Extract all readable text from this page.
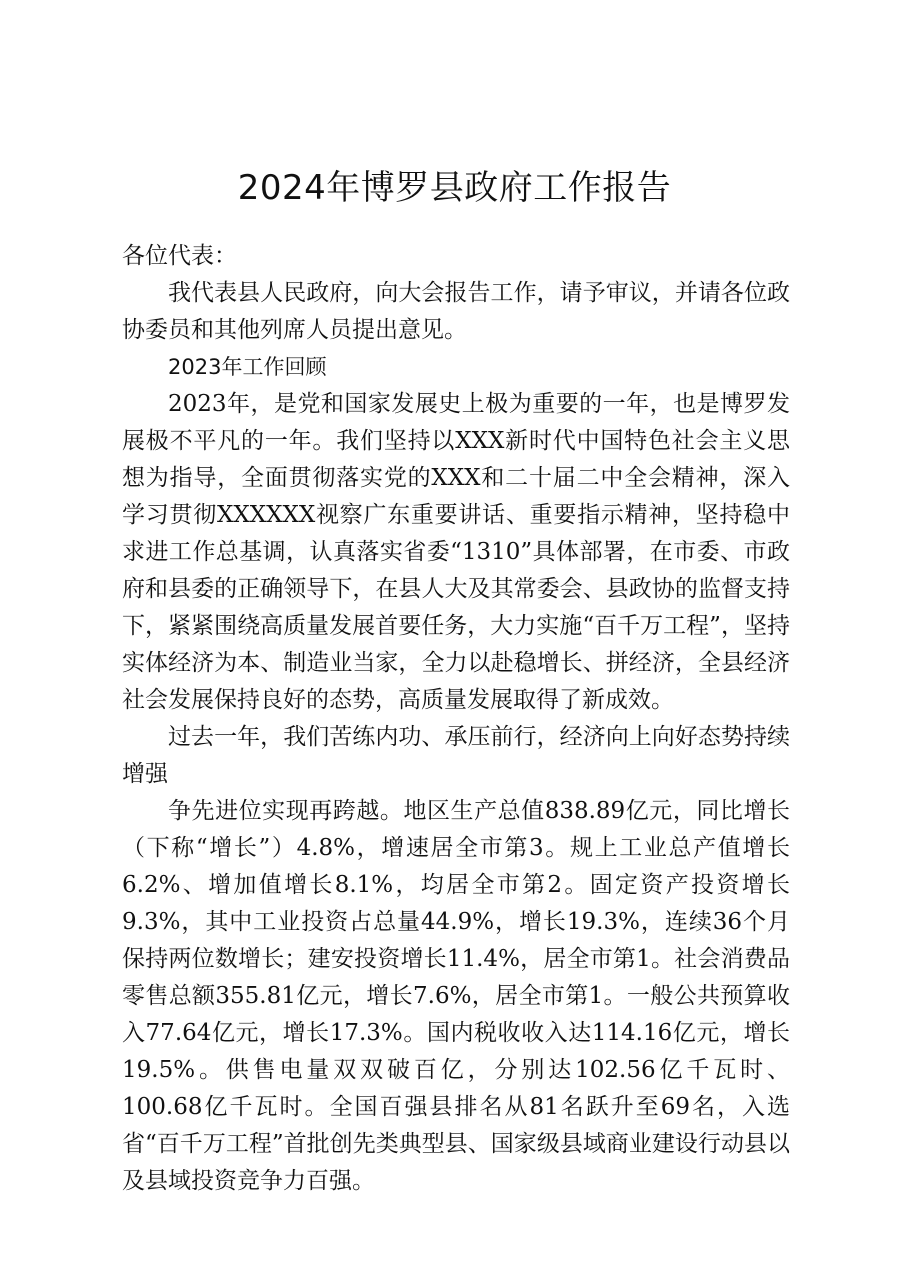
2024年博罗县政府工作报告

各位代表：

我代表县人民政府，向大会报告工作，请予审议，并请各位政协委员和其他列席人员提出意见。

2023年工作回顾

2023年，是党和国家发展史上极为重要的一年，也是博罗发展极不平凡的一年。我们坚持以XXX新时代中国特色社会主义思想为指导，全面贯彻落实党的XXX和二十届二中全会精神，深入学习贯彻XXXXXX视察广东重要讲话、重要指示精神，坚持稳中求进工作总基调，认真落实省委“1310”具体部署，在市委、市政府和县委的正确领导下，在县人大及其常委会、县政协的监督支持下，紧紧围绕高质量发展首要任务，大力实施“百千万工程”，坚持实体经济为本、制造业当家，全力以赴稳增长、拼经济，全县经济社会发展保持良好的态势，高质量发展取得了新成效。

过去一年，我们苦练内功、承压前行，经济向上向好态势持续增强

争先进位实现再跨越。地区生产总值838.89亿元，同比增长（下称“增长”）4.8%，增速居全市第3。规上工业总产值增长6.2%、增加值增长8.1%，均居全市第2。固定资产投资增长9.3%，其中工业投资占总量44.9%，增长19.3%，连续36个月保持两位数增长；建安投资增长11.4%，居全市第1。社会消费品零售总额355.81亿元，增长7.6%，居全市第1。一般公共预算收入77.64亿元，增长17.3%。国内税收收入达114.16亿元，增长19.5%。供售电量双双破百亿，分别达102.56亿千瓦时、100.68亿千瓦时。全国百强县排名从81名跃升至69名，入选省“百千万工程”首批创先类典型县、国家级县域商业建设行动县以及县域投资竞争力百强。
